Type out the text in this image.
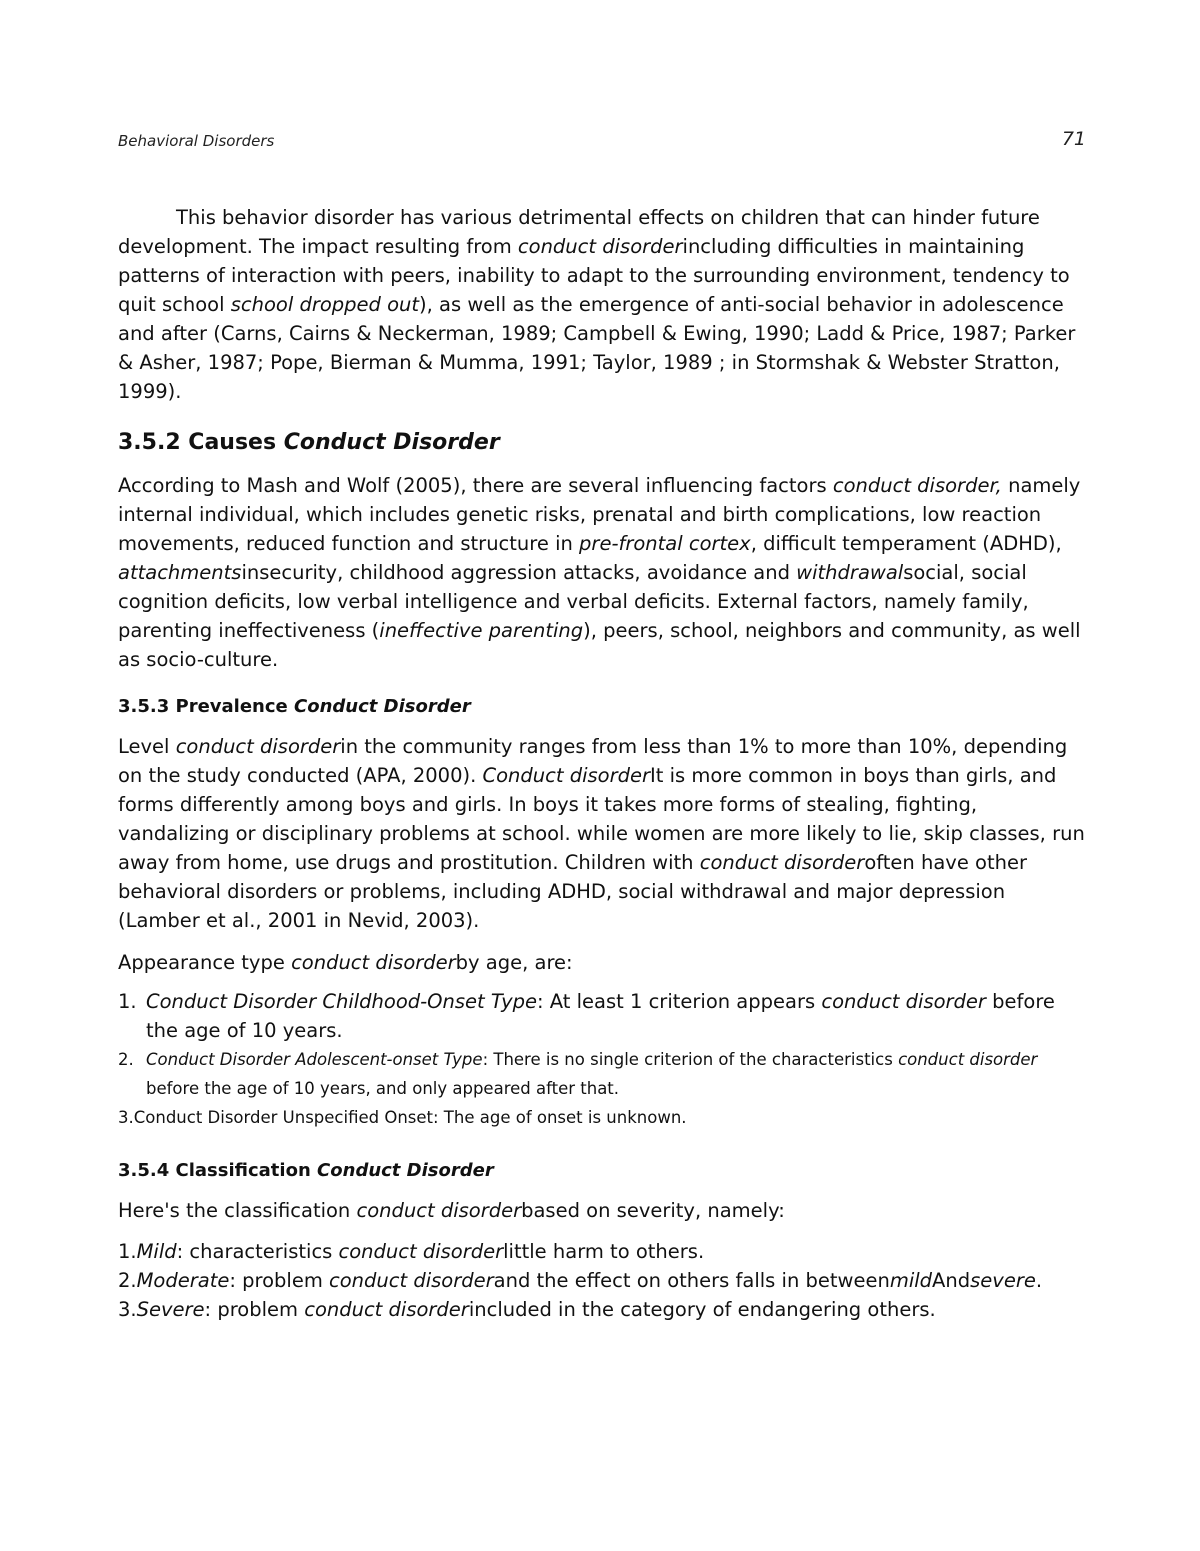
Behavioral Disorders	71

This behavior disorder has various detrimental effects on children that can hinder future development. The impact resulting from conduct disorderincluding difficulties in maintaining patterns of interaction with peers, inability to adapt to the surrounding environment, tendency to quit school school dropped out), as well as the emergence of anti-social behavior in adolescence and after (Carns, Cairns & Neckerman, 1989; Campbell & Ewing, 1990; Ladd & Price, 1987; Parker & Asher, 1987; Pope, Bierman & Mumma, 1991; Taylor, 1989 ; in Stormshak & Webster Stratton, 1999).

3.5.2 Causes Conduct Disorder

According to Mash and Wolf (2005), there are several influencing factors conduct disorder, namely internal individual, which includes genetic risks, prenatal and birth complications, low reaction movements, reduced function and structure in pre-frontal cortex, difficult temperament (ADHD), attachmentsinsecurity, childhood aggression attacks, avoidance and withdrawalsocial, social cognition deficits, low verbal intelligence and verbal deficits. External factors, namely family, parenting ineffectiveness (ineffective parenting), peers, school, neighbors and community, as well as socio-culture.

3.5.3 Prevalence Conduct Disorder

Level conduct disorderin the community ranges from less than 1% to more than 10%, depending on the study conducted (APA, 2000). Conduct disorderIt is more common in boys than girls, and forms differently among boys and girls. In boys it takes more forms of stealing, fighting, vandalizing or disciplinary problems at school. while women are more likely to lie, skip classes, run away from home, use drugs and prostitution. Children with conduct disorderoften have other behavioral disorders or problems, including ADHD, social withdrawal and major depression (Lamber et al., 2001 in Nevid, 2003).

Appearance type conduct disorderby age, are:

1. Conduct Disorder Childhood-Onset Type: At least 1 criterion appears conduct disorder before the age of 10 years.
2. Conduct Disorder Adolescent-onset Type: There is no single criterion of the characteristics conduct disorder before the age of 10 years, and only appeared after that.
3. Conduct Disorder Unspecified Onset: The age of onset is unknown.
3.5.4 Classification Conduct Disorder

Here's the classification conduct disorderbased on severity, namely:

1. Mild : characteristics
conduct disorder little harm to others.
2. Moderate : problem
conduct disorder and the effect on others falls in between mild And severe .
3. Severe : problem
conduct disorder included in the category of endangering others.
